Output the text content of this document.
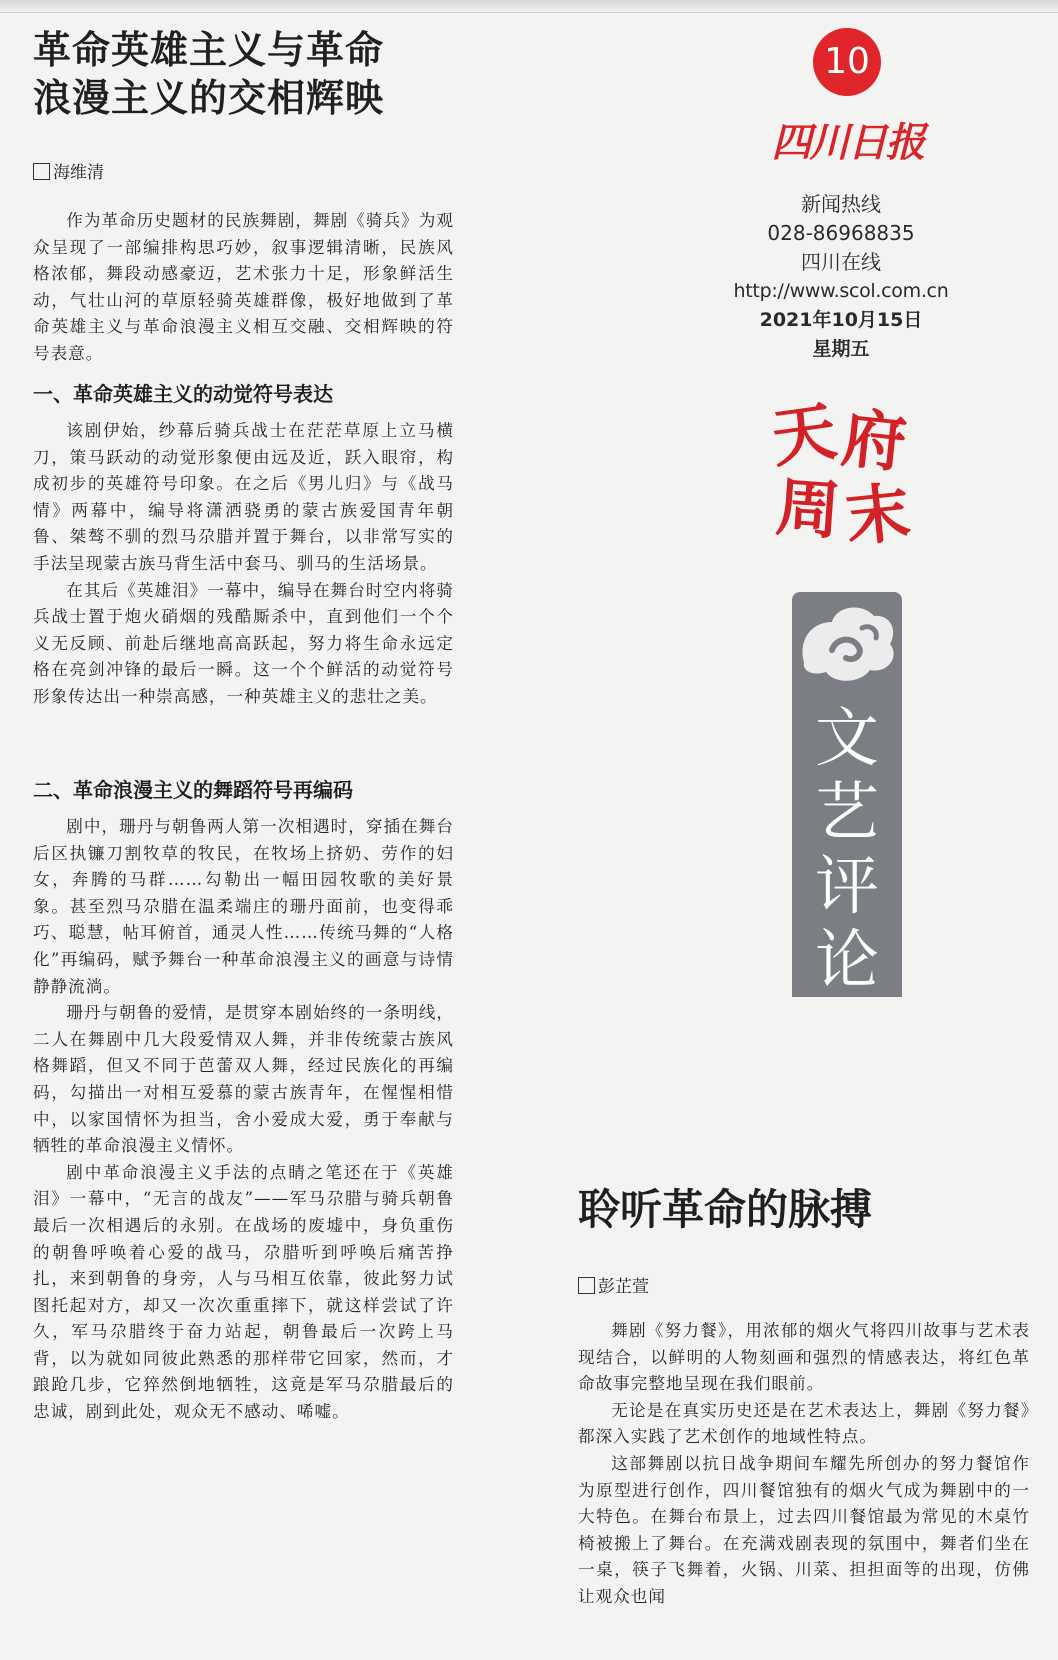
革命英雄主义与革命
浪漫主义的交相辉映
海维清

作为革命历史题材的民族舞剧，舞剧《骑兵》为观众呈现了一部编排构思巧妙，叙事逻辑清晰，民族风格浓郁，舞段动感豪迈，艺术张力十足，形象鲜活生动，气壮山河的草原轻骑英雄群像，极好地做到了革命英雄主义与革命浪漫主义相互交融、交相辉映的符号表意。

一、革命英雄主义的动觉符号表达

该剧伊始，纱幕后骑兵战士在茫茫草原上立马横刀，策马跃动的动觉形象便由远及近，跃入眼帘，构成初步的英雄符号印象。在之后《男儿归》与《战马情》两幕中，编导将潇洒骁勇的蒙古族爱国青年朝鲁、桀骜不驯的烈马尕腊并置于舞台，以非常写实的手法呈现蒙古族马背生活中套马、驯马的生活场景。

在其后《英雄泪》一幕中，编导在舞台时空内将骑兵战士置于炮火硝烟的残酷厮杀中，直到他们一个个义无反顾、前赴后继地高高跃起，努力将生命永远定格在亮剑冲锋的最后一瞬。这一个个鲜活的动觉符号形象传达出一种崇高感，一种英雄主义的悲壮之美。

二、革命浪漫主义的舞蹈符号再编码

剧中，珊丹与朝鲁两人第一次相遇时，穿插在舞台后区执镰刀割牧草的牧民，在牧场上挤奶、劳作的妇女，奔腾的马群……勾勒出一幅田园牧歌的美好景象。甚至烈马尕腊在温柔端庄的珊丹面前，也变得乖巧、聪慧，帖耳俯首，通灵人性……传统马舞的“人格化”再编码，赋予舞台一种革命浪漫主义的画意与诗情静静流淌。

珊丹与朝鲁的爱情，是贯穿本剧始终的一条明线，二人在舞剧中几大段爱情双人舞，并非传统蒙古族风格舞蹈，但又不同于芭蕾双人舞，经过民族化的再编码，勾描出一对相互爱慕的蒙古族青年，在惺惺相惜中，以家国情怀为担当，舍小爱成大爱，勇于奉献与牺牲的革命浪漫主义情怀。

剧中革命浪漫主义手法的点睛之笔还在于《英雄泪》一幕中，“无言的战友”——军马尕腊与骑兵朝鲁最后一次相遇后的永别。在战场的废墟中，身负重伤的朝鲁呼唤着心爱的战马，尕腊听到呼唤后痛苦挣扎，来到朝鲁的身旁，人与马相互依靠，彼此努力试图托起对方，却又一次次重重摔下，就这样尝试了许久，军马尕腊终于奋力站起，朝鲁最后一次跨上马背，以为就如同彼此熟悉的那样带它回家，然而，才踉跄几步，它猝然倒地牺牲，这竟是军马尕腊最后的忠诚，剧到此处，观众无不感动、唏嘘。

10
四川日报
新闻热线
028-86968835
四川在线
http://www.scol.com.cn
2021年10月15日
星期五
天
府
周 末
文
艺
评
论
聆听革命的脉搏
彭芷萱

舞剧《努力餐》，用浓郁的烟火气将四川故事与艺术表现结合，以鲜明的人物刻画和强烈的情感表达，将红色革命故事完整地呈现在我们眼前。

无论是在真实历史还是在艺术表达上，舞剧《努力餐》都深入实践了艺术创作的地域性特点。

这部舞剧以抗日战争期间车耀先所创办的努力餐馆作为原型进行创作，四川餐馆独有的烟火气成为舞剧中的一大特色。在舞台布景上，过去四川餐馆最为常见的木桌竹椅被搬上了舞台。在充满戏剧表现的氛围中，舞者们坐在一桌，筷子飞舞着，火锅、川菜、担担面等的出现，仿佛让观众也闻
